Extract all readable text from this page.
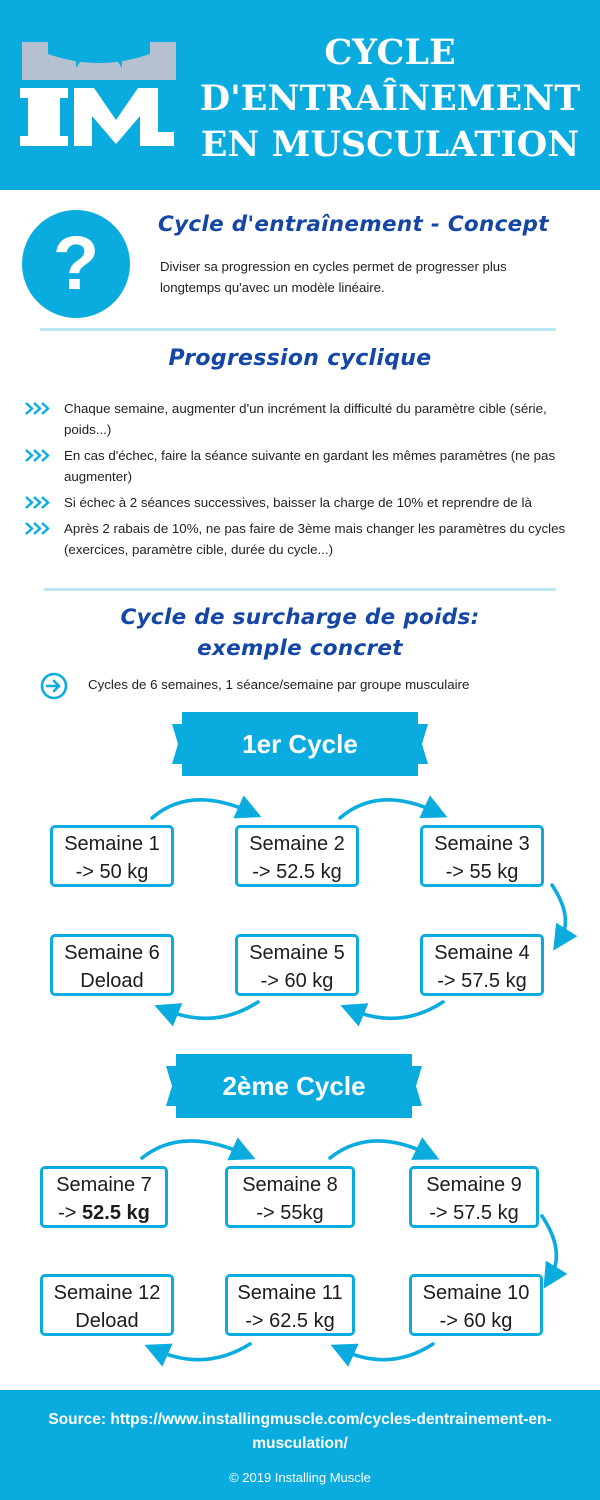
CYCLE
D'ENTRAÎNEMENT
EN MUSCULATION
?	Cycle d'entraînement - Concept
Diviser sa progression en cycles permet de progresser plus longtemps qu'avec un modèle linéaire.
Progression cyclique
Chaque semaine, augmenter d'un incrément la difficulté du paramètre cible (série, poids...)
En cas d'échec, faire la séance suivante en gardant les mêmes paramètres (ne pas augmenter)
Si échec à 2 séances successives, baisser la charge de 10% et reprendre de là
Après 2 rabais de 10%, ne pas faire de 3ème mais changer les paramètres du cycles (exercices, paramètre cible, durée du cycle...)
Cycle de surcharge de poids:
exemple concret
Cycles de 6 semaines, 1 séance/semaine par groupe musculaire
1er Cycle
Semaine 1
-> 50 kg
Semaine 2
-> 52.5 kg
Semaine 3
-> 55 kg
Semaine 4
-> 57.5 kg
Semaine 5
-> 60 kg
Semaine 6
Deload
2ème Cycle
Semaine 7
-> 52.5 kg
Semaine 8
-> 55kg
Semaine 9
-> 57.5 kg
Semaine 10
-> 60 kg
Semaine 11
-> 62.5 kg
Semaine 12
Deload
Source: https://www.installingmuscle.com/cycles-dentrainement-en-musculation/
© 2019 Installing Muscle
